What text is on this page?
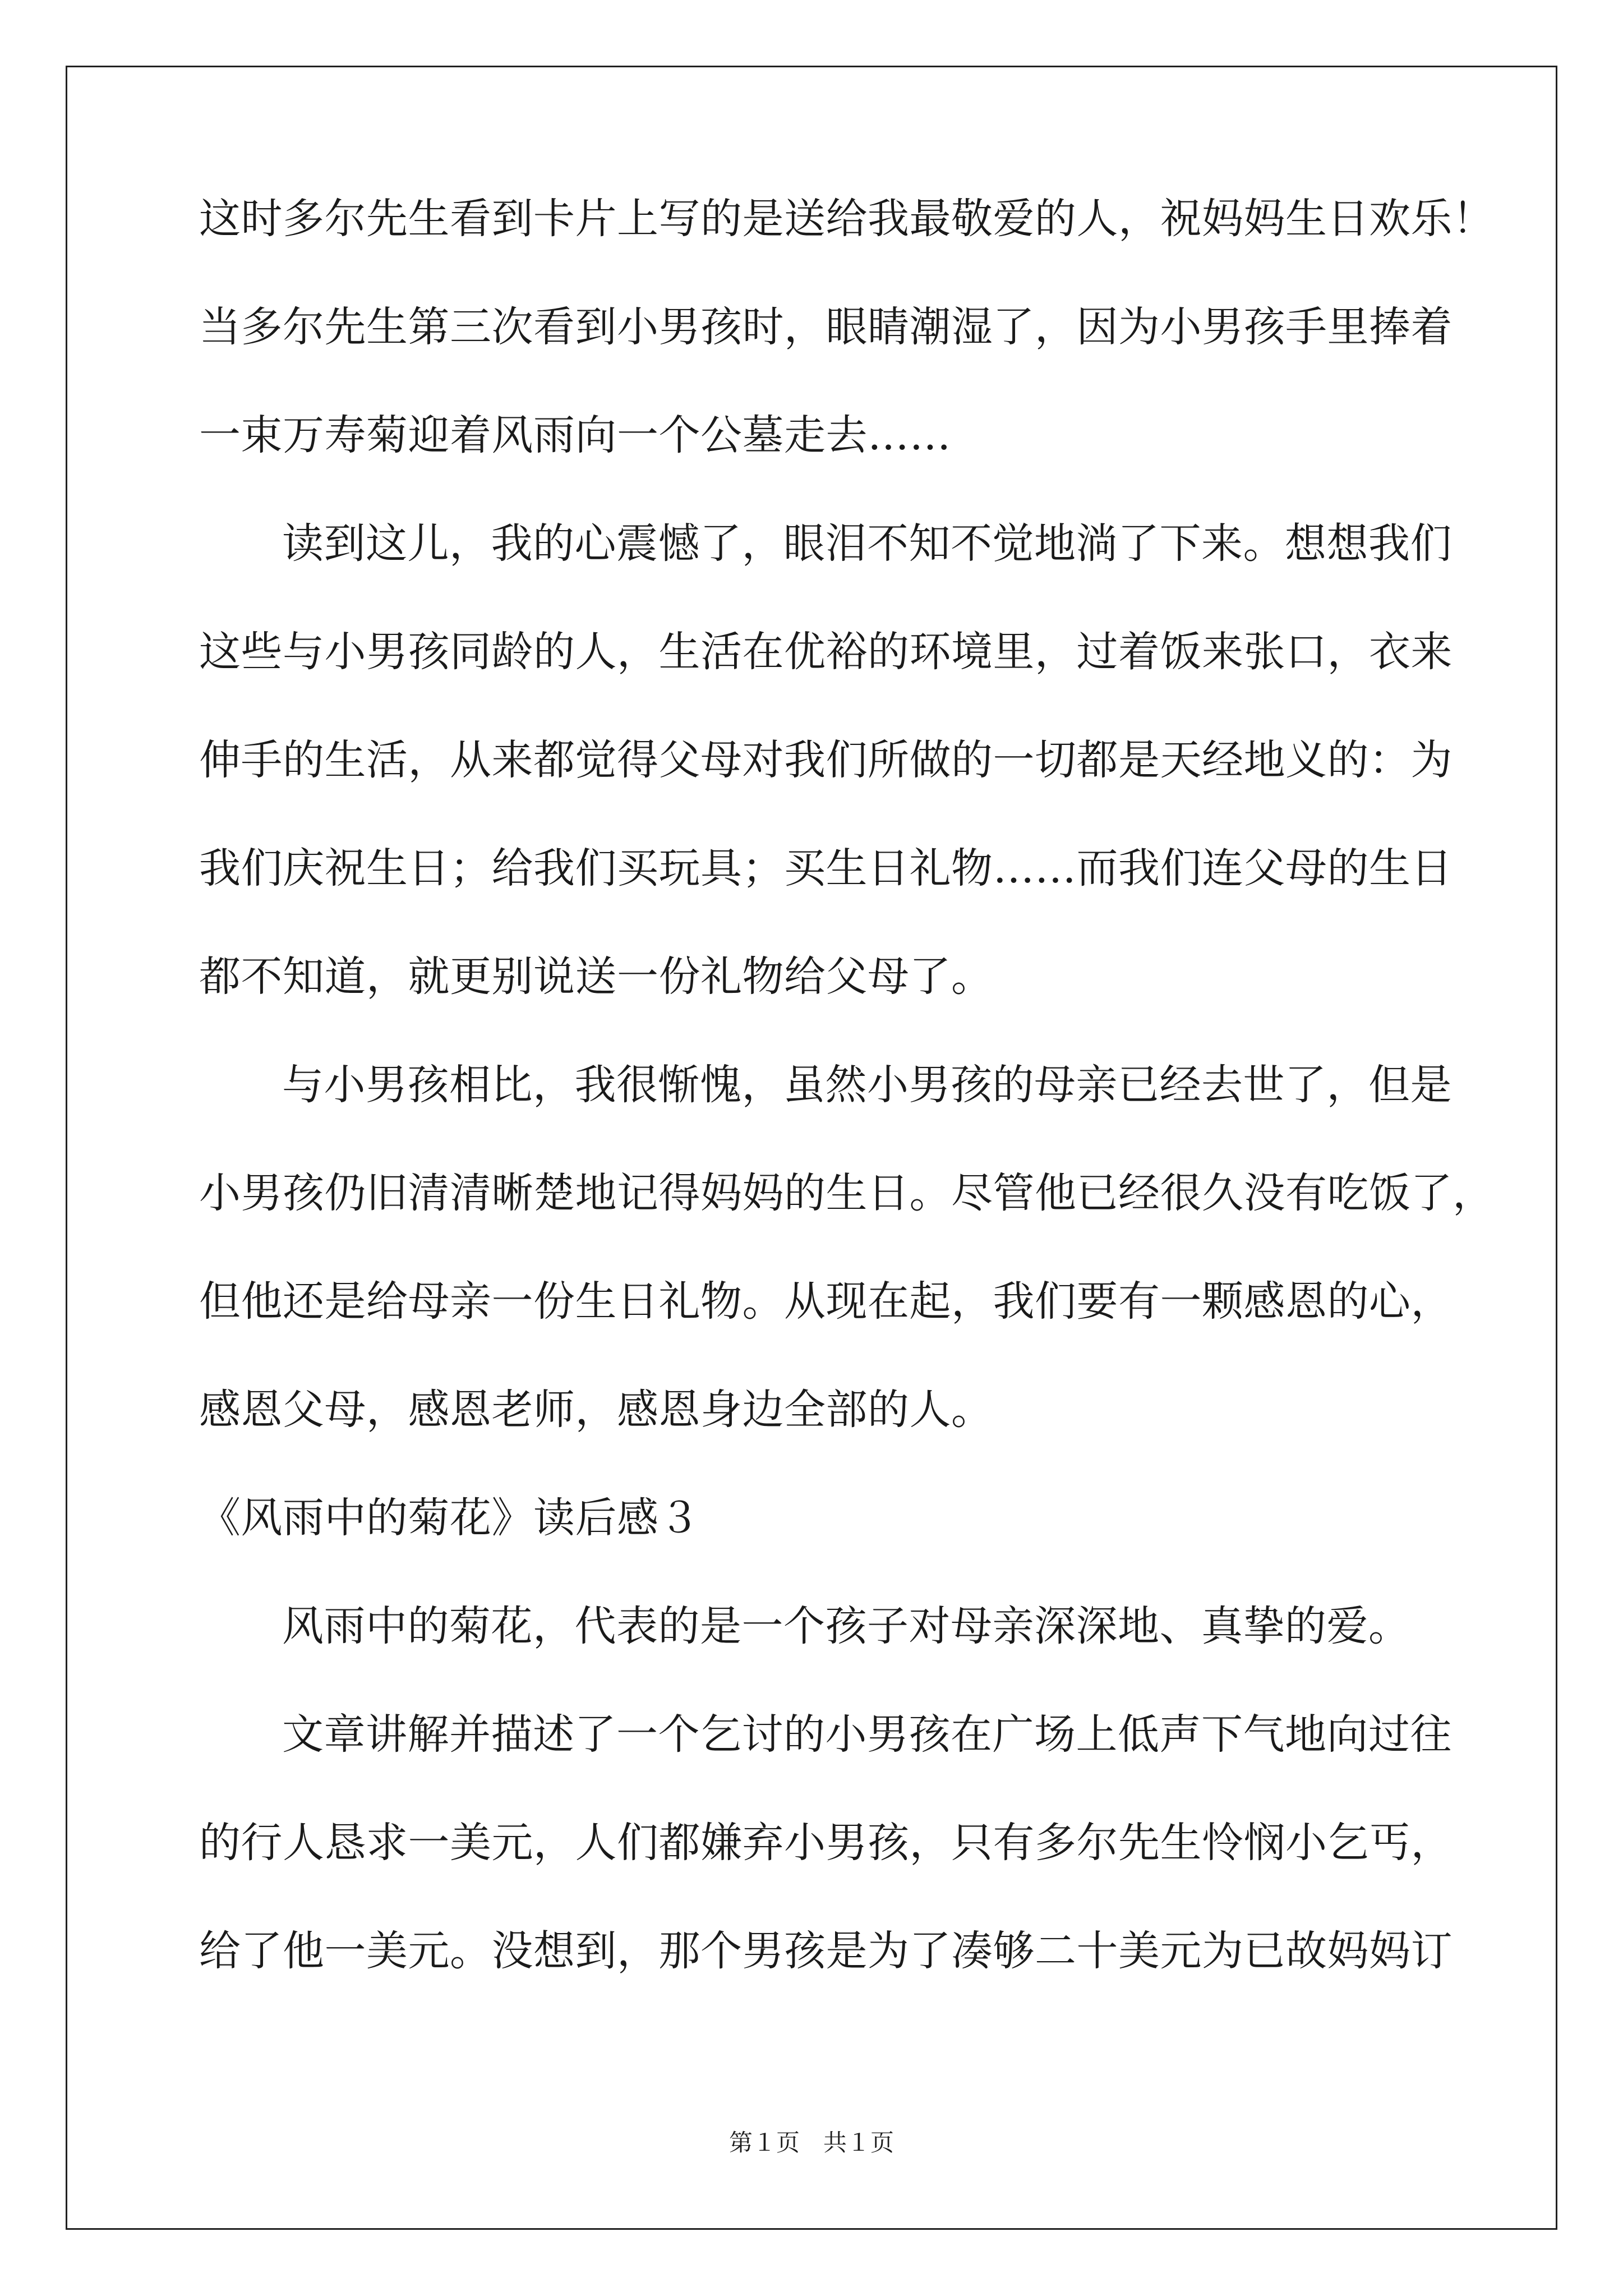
这时多尔先生看到卡片上写的是送给我最敬爱的人，祝妈妈生日欢乐！
当多尔先生第三次看到小男孩时，眼睛潮湿了，因为小男孩手里捧着
一束万寿菊迎着风雨向一个公墓走去……
读到这儿，我的心震憾了，眼泪不知不觉地淌了下来。想想我们
这些与小男孩同龄的人，生活在优裕的环境里，过着饭来张口，衣来
伸手的生活，从来都觉得父母对我们所做的一切都是天经地义的：为
我们庆祝生日；给我们买玩具；买生日礼物……而我们连父母的生日
都不知道，就更别说送一份礼物给父母了。
与小男孩相比，我很惭愧，虽然小男孩的母亲已经去世了，但是
小男孩仍旧清清晰楚地记得妈妈的生日。尽管他已经很久没有吃饭了，
但他还是给母亲一份生日礼物。从现在起，我们要有一颗感恩的心，
感恩父母，感恩老师，感恩身边全部的人。
《风雨中的菊花》读后感３
风雨中的菊花，代表的是一个孩子对母亲深深地、真挚的爱。
文章讲解并描述了一个乞讨的小男孩在广场上低声下气地向过往
的行人恳求一美元，人们都嫌弃小男孩，只有多尔先生怜悯小乞丐，
给了他一美元。没想到，那个男孩是为了凑够二十美元为已故妈妈订
第１页　共１页
